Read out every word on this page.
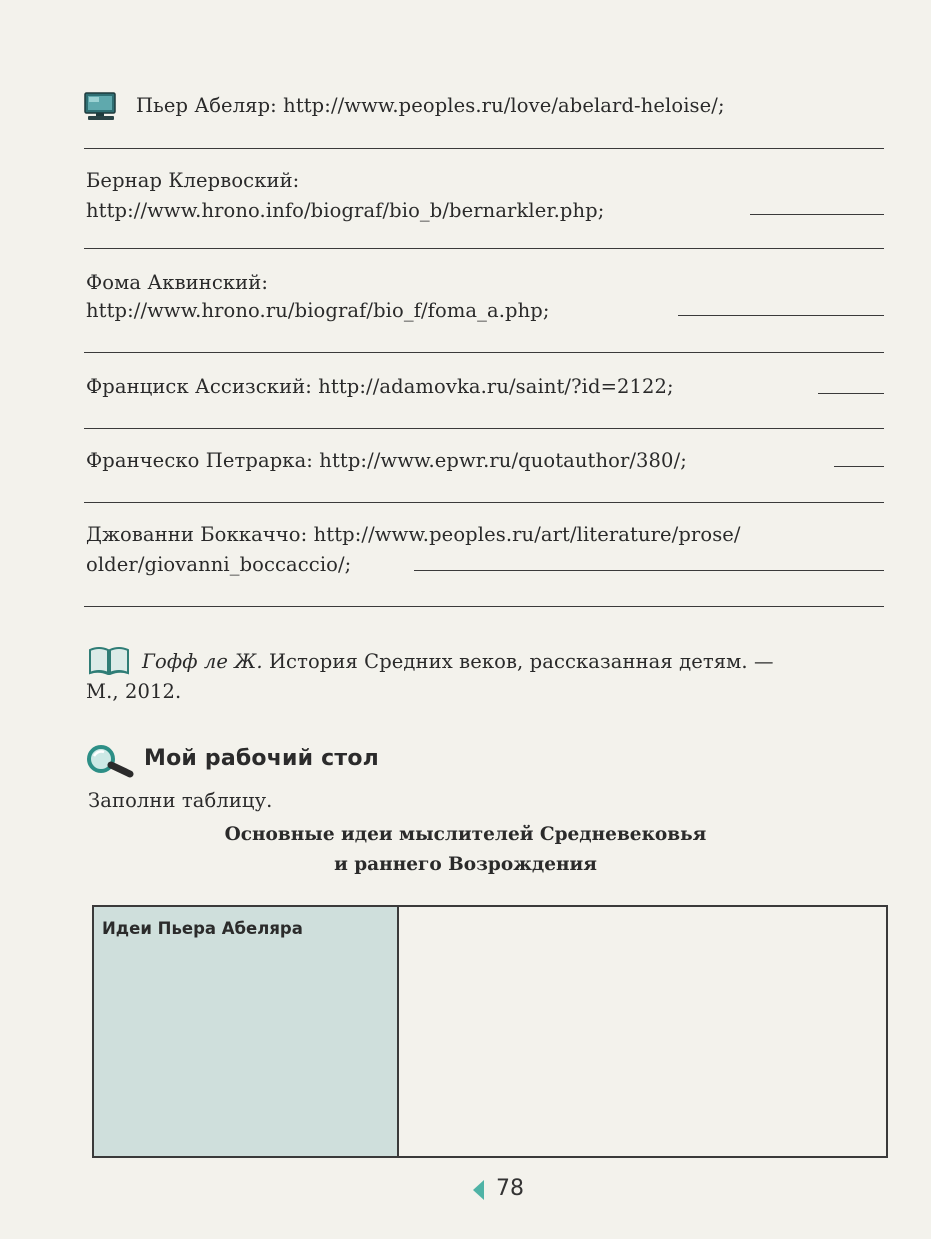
Пьер Абеляр: http://www.peoples.ru/love/abelard-heloise/;
Бернар Клервоский:
http://www.hrono.info/biograf/bio_b/bernarkler.php;
Фома Аквинский:
http://www.hrono.ru/biograf/bio_f/foma_a.php;
Франциск Ассизский: http://adamovka.ru/saint/?id=2122;
Франческо Петрарка: http://www.epwr.ru/quotauthor/380/;
Джованни Боккаччо: http://www.peoples.ru/art/literature/prose/
older/giovanni_boccaccio/;
Гофф ле Ж. История Средних веков, рассказанная детям. —
М., 2012.
Мой рабочий стол
Заполни таблицу.
Основные идеи мыслителей Средневековья
и раннего Возрождения
Идеи Пьера Абеляра

78
